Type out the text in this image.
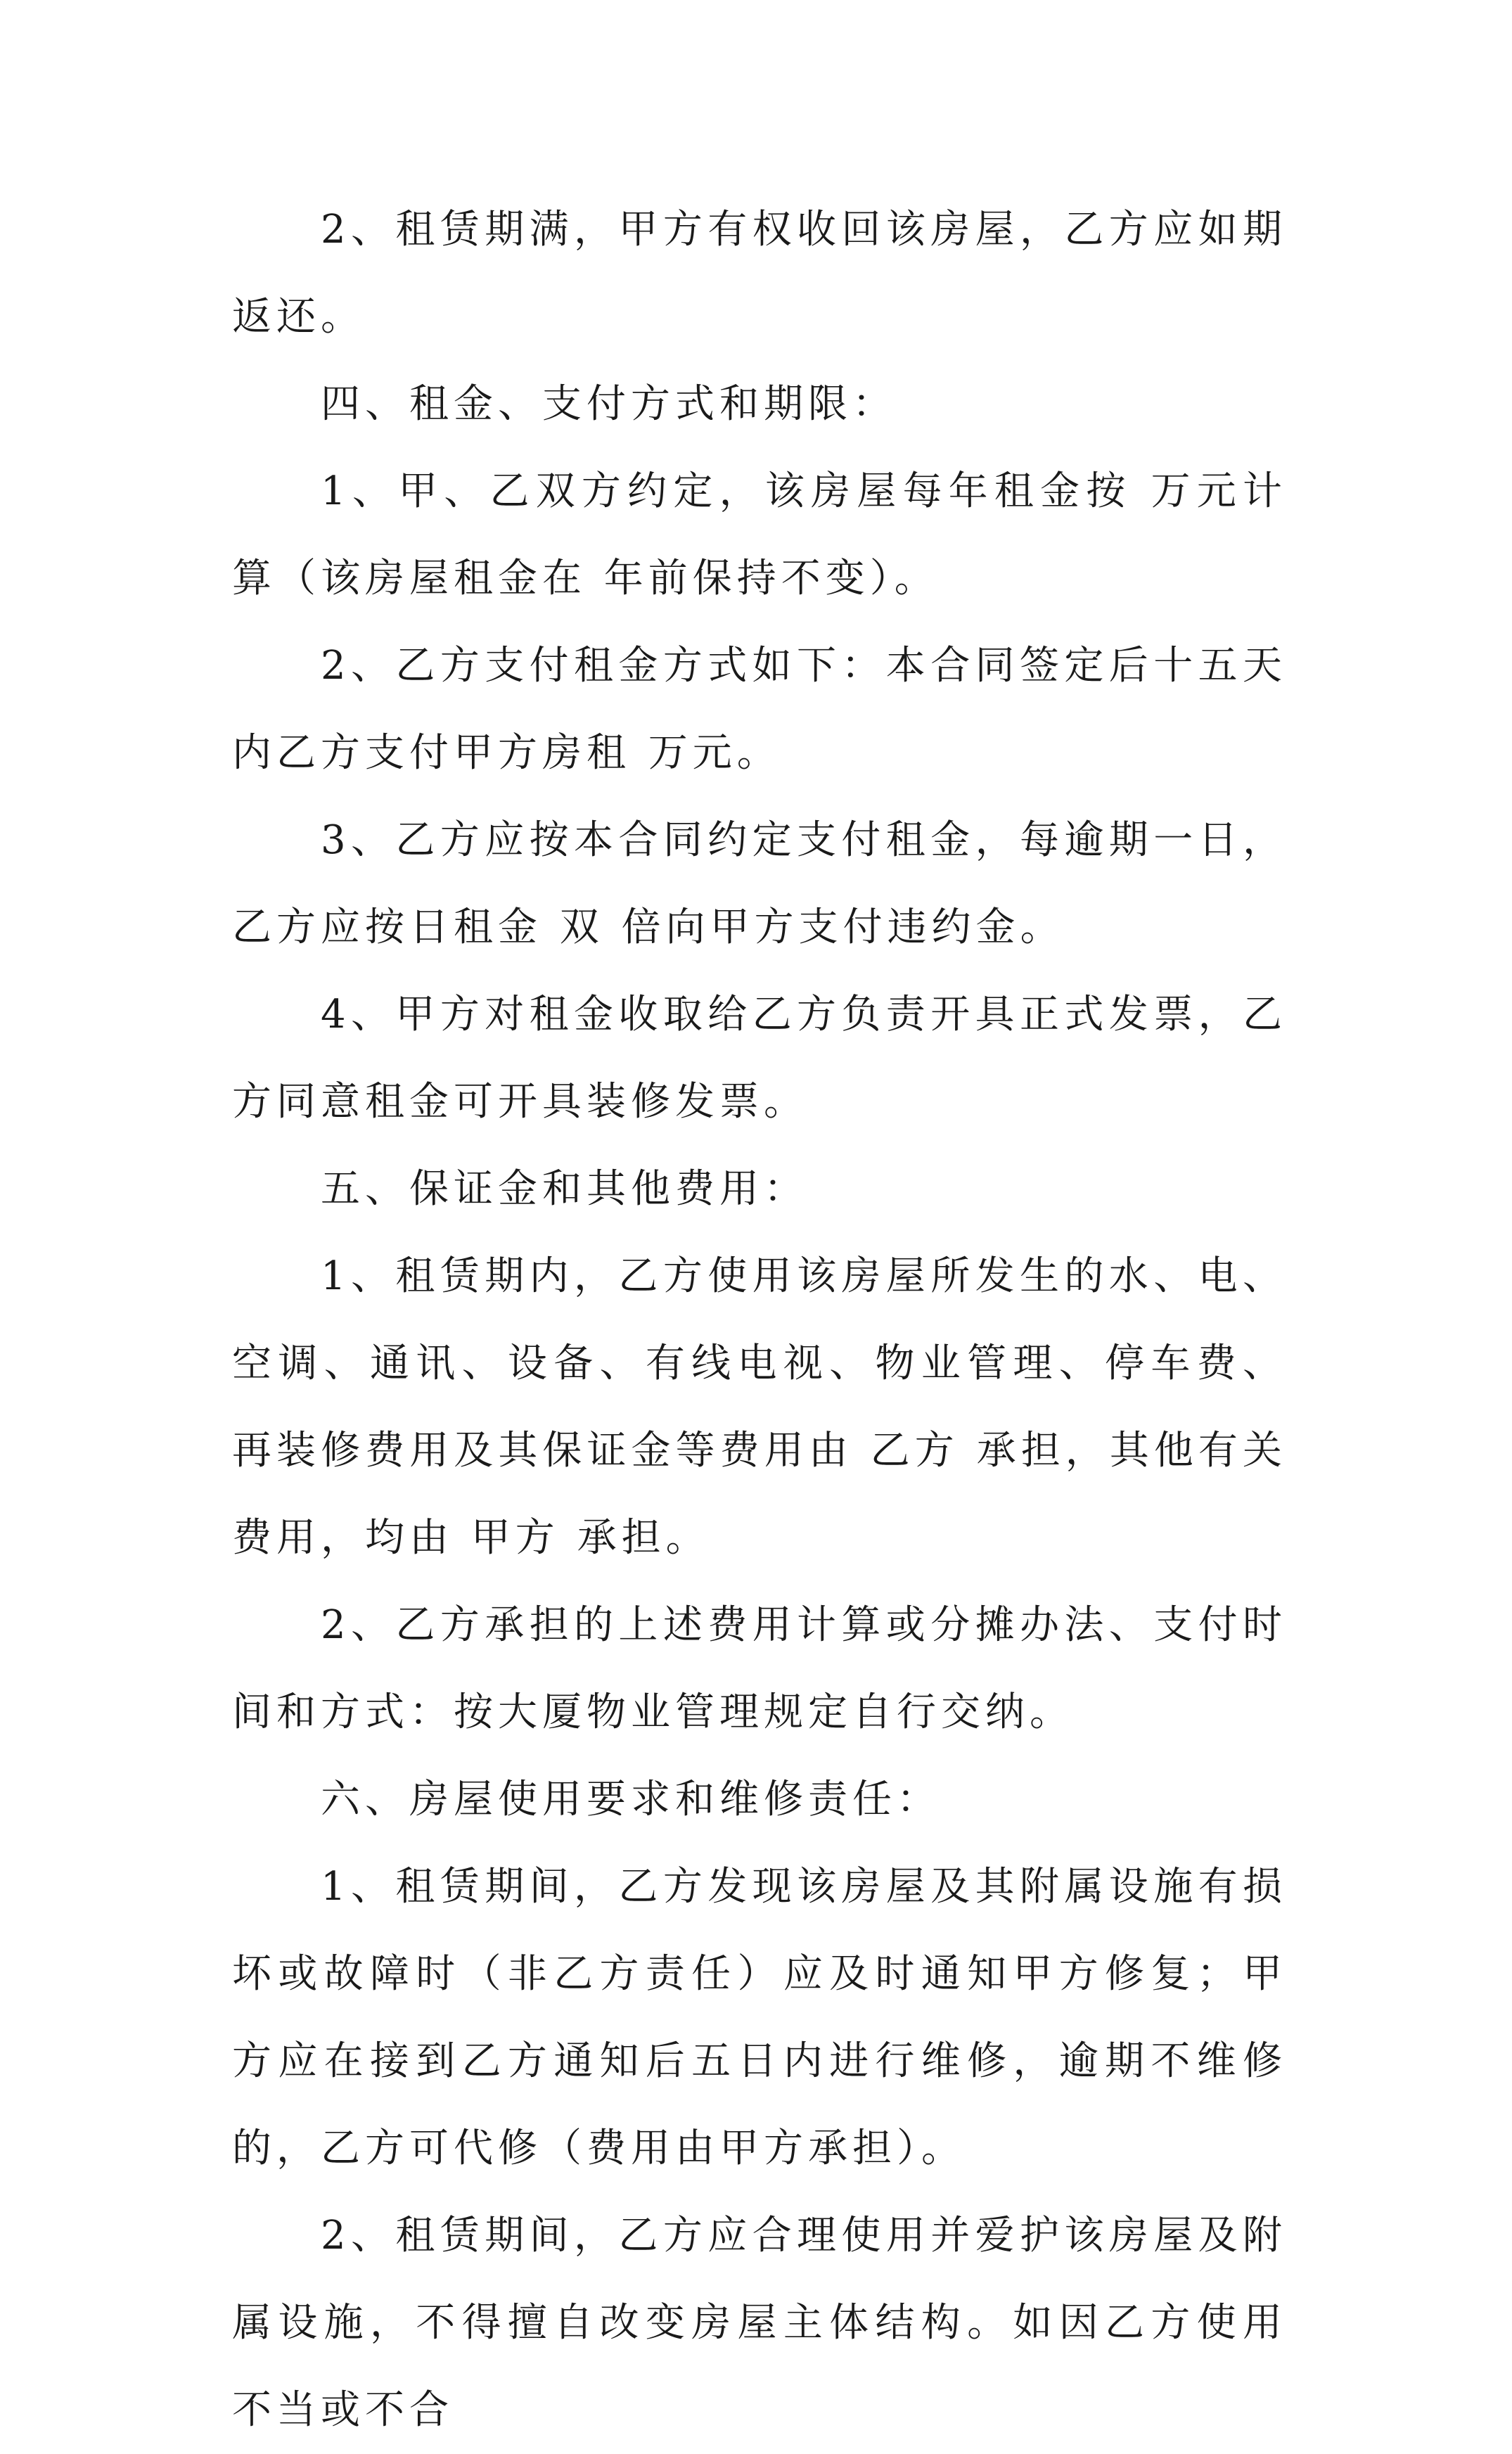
2、租赁期满，甲方有权收回该房屋，乙方应如期返还。

四、租金、支付方式和期限：

1、甲、乙双方约定，该房屋每年租金按 万元计算（该房屋租金在 年前保持不变）。

2、乙方支付租金方式如下：本合同签定后十五天内乙方支付甲方房租 万元。

3、乙方应按本合同约定支付租金，每逾期一日，乙方应按日租金 双 倍向甲方支付违约金。

4、甲方对租金收取给乙方负责开具正式发票，乙方同意租金可开具装修发票。

五、保证金和其他费用：

1、租赁期内，乙方使用该房屋所发生的水、电、空调、通讯、设备、有线电视、物业管理、停车费、再装修费用及其保证金等费用由 乙方 承担，其他有关费用，均由 甲方 承担。

2、乙方承担的上述费用计算或分摊办法、支付时间和方式：按大厦物业管理规定自行交纳。

六、房屋使用要求和维修责任：

1、租赁期间，乙方发现该房屋及其附属设施有损坏或故障时（非乙方责任）应及时通知甲方修复；甲方应在接到乙方通知后五日内进行维修，逾期不维修的，乙方可代修（费用由甲方承担）。

2、租赁期间，乙方应合理使用并爱护该房屋及附属设施，不得擅自改变房屋主体结构。如因乙方使用不当或不合
